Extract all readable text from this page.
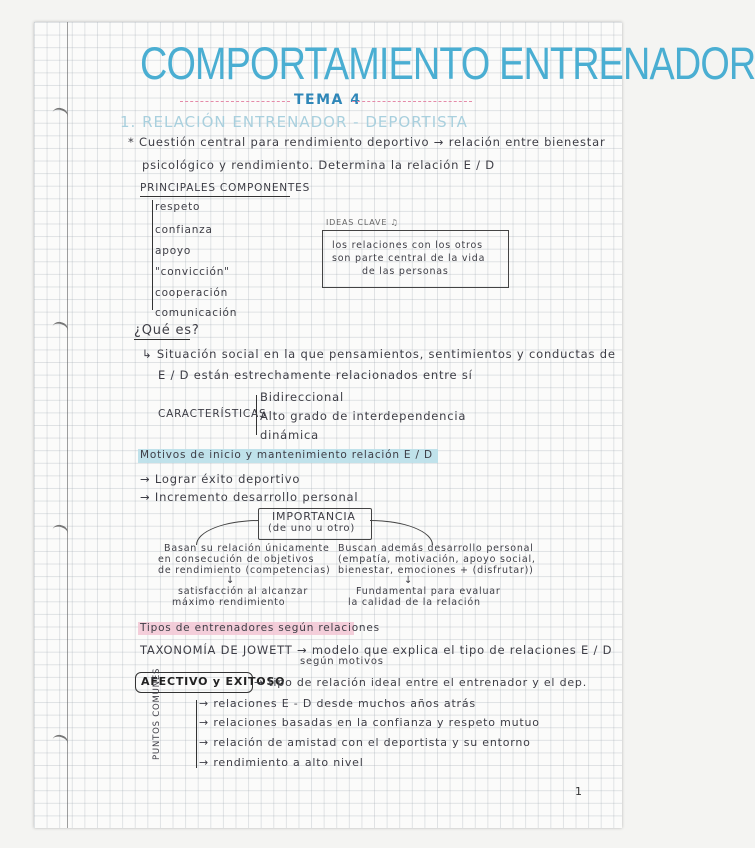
COMPORTAMIENTO ENTRENADOR
TEMA 4
1. RELACIÓN ENTRENADOR - DEPORTISTA
* Cuestión central para rendimiento deportivo → relación entre bienestar
psicológico y rendimiento. Determina la relación E / D
PRINCIPALES COMPONENTES
respeto
confianza
apoyo
"convicción"
cooperación
comunicación
IDEAS CLAVE ♫
los relaciones con los otros
son parte central de la vida
de las personas
¿Qué es?
↳ Situación social en la que pensamientos, sentimientos y conductas de
E / D están estrechamente relacionados entre sí
CARACTERÍSTICAS
Bidireccional
Alto grado de interdependencia
dinámica
Motivos de inicio y mantenimiento relación E / D
→ Lograr éxito deportivo
→ Incremento desarrollo personal
IMPORTANCIA
(de uno u otro)
Basan su relación únicamente
en consecución de objetivos
de rendimiento (competencias)
↓
satisfacción al alcanzar
máximo rendimiento
Buscan además desarrollo personal
(empatía, motivación, apoyo social,
bienestar, emociones + (disfrutar))
↓
Fundamental para evaluar
la calidad de la relación
Tipos de entrenadores según relaciones
TAXONOMÍA DE JOWETT → modelo que explica el tipo de relaciones E / D
según motivos
AFECTIVO y EXITOSO
→ tipo de relación ideal entre el entrenador y el dep.
PUNTOS COMUNES	→ relaciones E - D desde muchos años atrás
→ relaciones basadas en la confianza y respeto mutuo
→ relación de amistad con el deportista y su entorno
→ rendimiento a alto nivel
1
